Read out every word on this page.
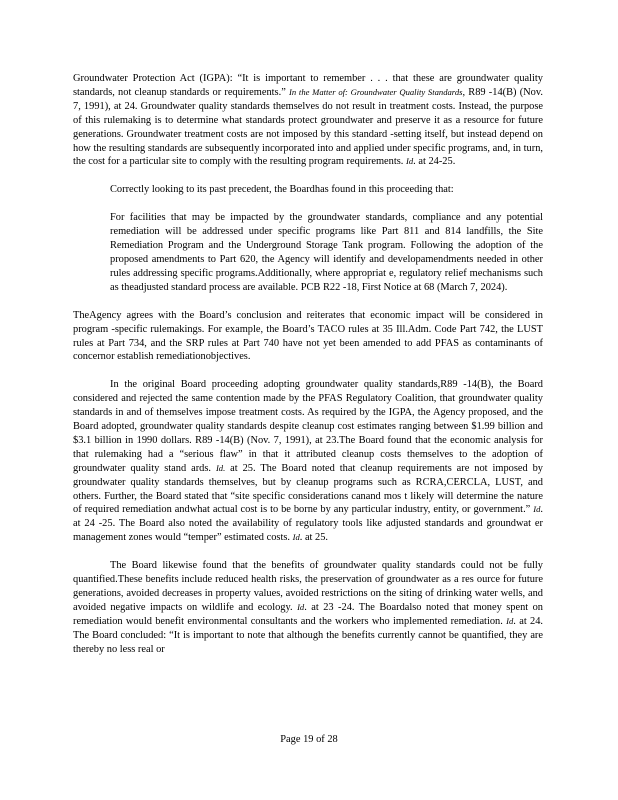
Groundwater Protection Act (IGPA): “It is important to remember . . . that these are groundwater quality standards, not cleanup standards or requirements.” In the Matter of: Groundwater Quality Standards, R89 -14(B) (Nov. 7, 1991), at 24. Groundwater quality standards themselves do not result in treatment costs. Instead, the purpose of this rulemaking is to determine what standards protect groundwater and preserve it as a resource for future generations. Groundwater treatment costs are not imposed by this standard -setting itself, but instead depend on how the resulting standards are subsequently incorporated into and applied under specific programs, and, in turn, the cost for a particular site to comply with the resulting program requirements. Id. at 24-25.

Correctly looking to its past precedent, the Boardhas found in this proceeding that:

For facilities that may be impacted by the groundwater standards, compliance and any potential remediation will be addressed under specific programs like Part 811 and 814 landfills, the Site Remediation Program and the Underground Storage Tank program. Following the adoption of the proposed amendments to Part 620, the Agency will identify and developamendments needed in other rules addressing specific programs.Additionally, where appropriat e, regulatory relief mechanisms such as theadjusted standard process are available. PCB R22 -18, First Notice at 68 (March 7, 2024).

TheAgency agrees with the Board’s conclusion and reiterates that economic impact will be considered in program -specific rulemakings. For example, the Board’s TACO rules at 35 Ill.Adm. Code Part 742, the LUST rules at Part 734, and the SRP rules at Part 740 have not yet been amended to add PFAS as contaminants of concernor establish remediationobjectives.

In the original Board proceeding adopting groundwater quality standards,R89 -14(B), the Board considered and rejected the same contention made by the PFAS Regulatory Coalition, that groundwater quality standards in and of themselves impose treatment costs. As required by the IGPA, the Agency proposed, and the Board adopted, groundwater quality standards despite cleanup cost estimates ranging between $1.99 billion and $3.1 billion in 1990 dollars. R89 -14(B) (Nov. 7, 1991), at 23.The Board found that the economic analysis for that rulemaking had a “serious flaw” in that it attributed cleanup costs themselves to the adoption of groundwater quality stand ards. Id. at 25. The Board noted that cleanup requirements are not imposed by groundwater quality standards themselves, but by cleanup programs such as RCRA,CERCLA, LUST, and others. Further, the Board stated that “site specific considerations canand mos t likely will determine the nature of required remediation andwhat actual cost is to be borne by any particular industry, entity, or government.” Id. at 24 -25. The Board also noted the availability of regulatory tools like adjusted standards and groundwat er management zones would “temper” estimated costs. Id. at 25.

The Board likewise found that the benefits of groundwater quality standards could not be fully quantified.These benefits include reduced health risks, the preservation of groundwater as a res ource for future generations, avoided decreases in property values, avoided restrictions on the siting of drinking water wells, and avoided negative impacts on wildlife and ecology. Id. at 23 -24. The Boardalso noted that money spent on remediation would benefit environmental consultants and the workers who implemented remediation. Id. at 24. The Board concluded: “It is important to note that although the benefits currently cannot be quantified, they are thereby no less real or

Page 19 of 28
